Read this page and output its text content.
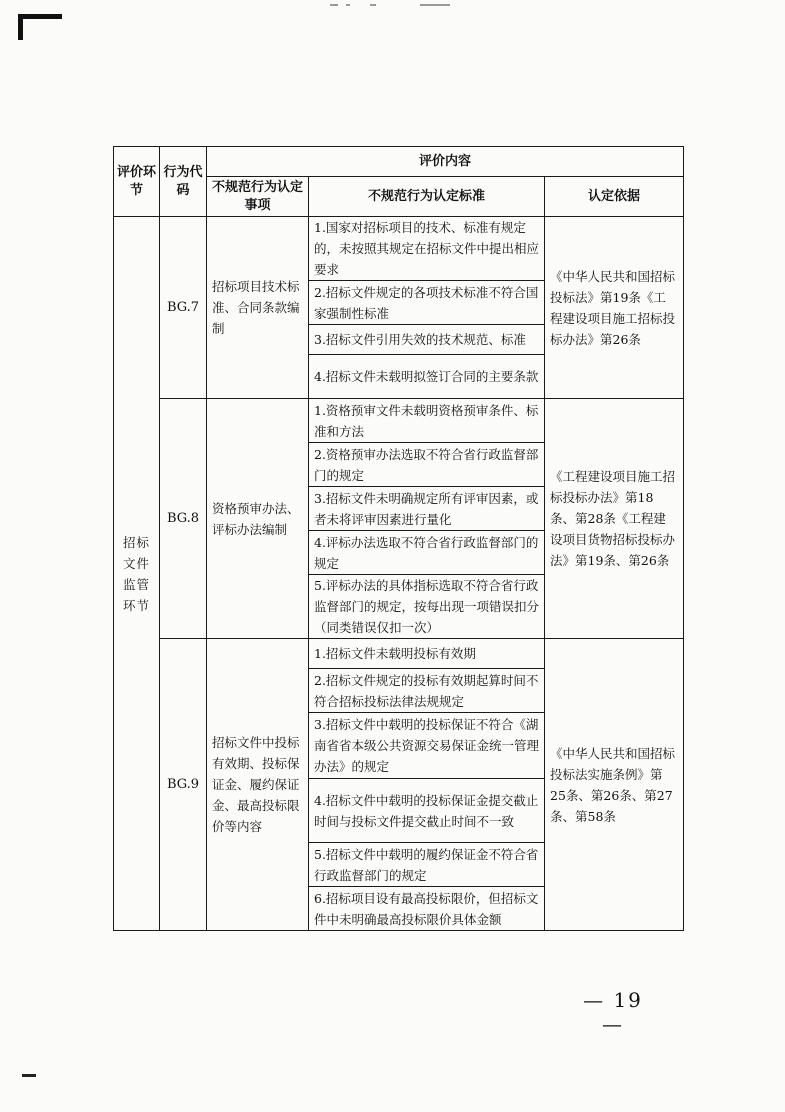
评价环节	行为代码	评价内容		
		不规范行为认定事项	不规范行为认定标准	认定依据
招标文件监管环节	BG.7	招标项目技术标准、合同条款编制	1.国家对招标项目的技术、标准有规定的，未按照其规定在招标文件中提出相应要求	《中华人民共和国招标投标法》第19条《工程建设项目施工招标投标办法》第26条
			2.招标文件规定的各项技术标准不符合国家强制性标准	
			3.招标文件引用失效的技术规范、标准	
			4.招标文件未载明拟签订合同的主要条款	
	BG.8	资格预审办法、评标办法编制	1.资格预审文件未载明资格预审条件、标准和方法	《工程建设项目施工招标投标办法》第18条、第28条《工程建设项目货物招标投标办法》第19条、第26条
			2.资格预审办法选取不符合省行政监督部门的规定	
			3.招标文件未明确规定所有评审因素，或者未将评审因素进行量化	
			4.评标办法选取不符合省行政监督部门的规定	
			5.评标办法的具体指标选取不符合省行政监督部门的规定，按每出现一项错误扣分（同类错误仅扣一次）	
	BG.9	招标文件中投标有效期、投标保证金、履约保证金、最高投标限价等内容	1.招标文件未载明投标有效期	《中华人民共和国招标投标法实施条例》第25条、第26条、第27条、第58条
			2.招标文件规定的投标有效期起算时间不符合招标投标法律法规规定	
			3.招标文件中载明的投标保证不符合《湖南省省本级公共资源交易保证金统一管理办法》的规定	
			4.招标文件中载明的投标保证金提交截止时间与投标文件提交截止时间不一致	
			5.招标文件中载明的履约保证金不符合省行政监督部门的规定	
			6.招标项目设有最高投标限价，但招标文件中未明确最高投标限价具体金额	
— 19 —
